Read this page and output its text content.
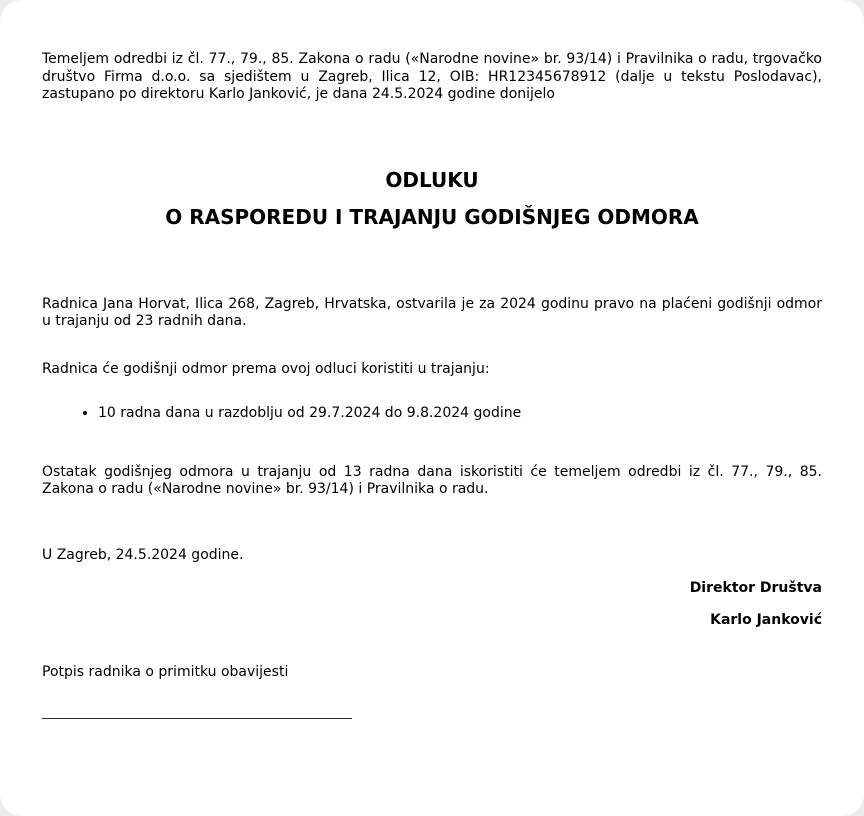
Temeljem odredbi iz čl. 77., 79., 85. Zakona o radu («Narodne novine» br. 93/14) i Pravilnika o radu, trgovačko društvo Firma d.o.o. sa sjedištem u Zagreb, Ilica 12, OIB: HR12345678912 (dalje u tekstu Poslodavac), zastupano po direktoru Karlo Janković, je dana 24.5.2024 godine donijelo

ODLUKU
O RASPOREDU I TRAJANJU GODIŠNJEG ODMORA

Radnica Jana Horvat, Ilica 268, Zagreb, Hrvatska, ostvarila je za 2024 godinu pravo na plaćeni godišnji odmor u trajanju od 23 radnih dana.

Radnica će godišnji odmor prema ovoj odluci koristiti u trajanju:

• 10 radna dana u razdoblju od 29.7.2024 do 9.8.2024 godine

Ostatak godišnjeg odmora u trajanju od 13 radna dana iskoristiti će temeljem odredbi iz čl. 77., 79., 85. Zakona o radu («Narodne novine» br. 93/14) i Pravilnika o radu.

U Zagreb, 24.5.2024 godine.

Direktor Društva
Karlo Janković

Potpis radnika o primitku obavijesti
